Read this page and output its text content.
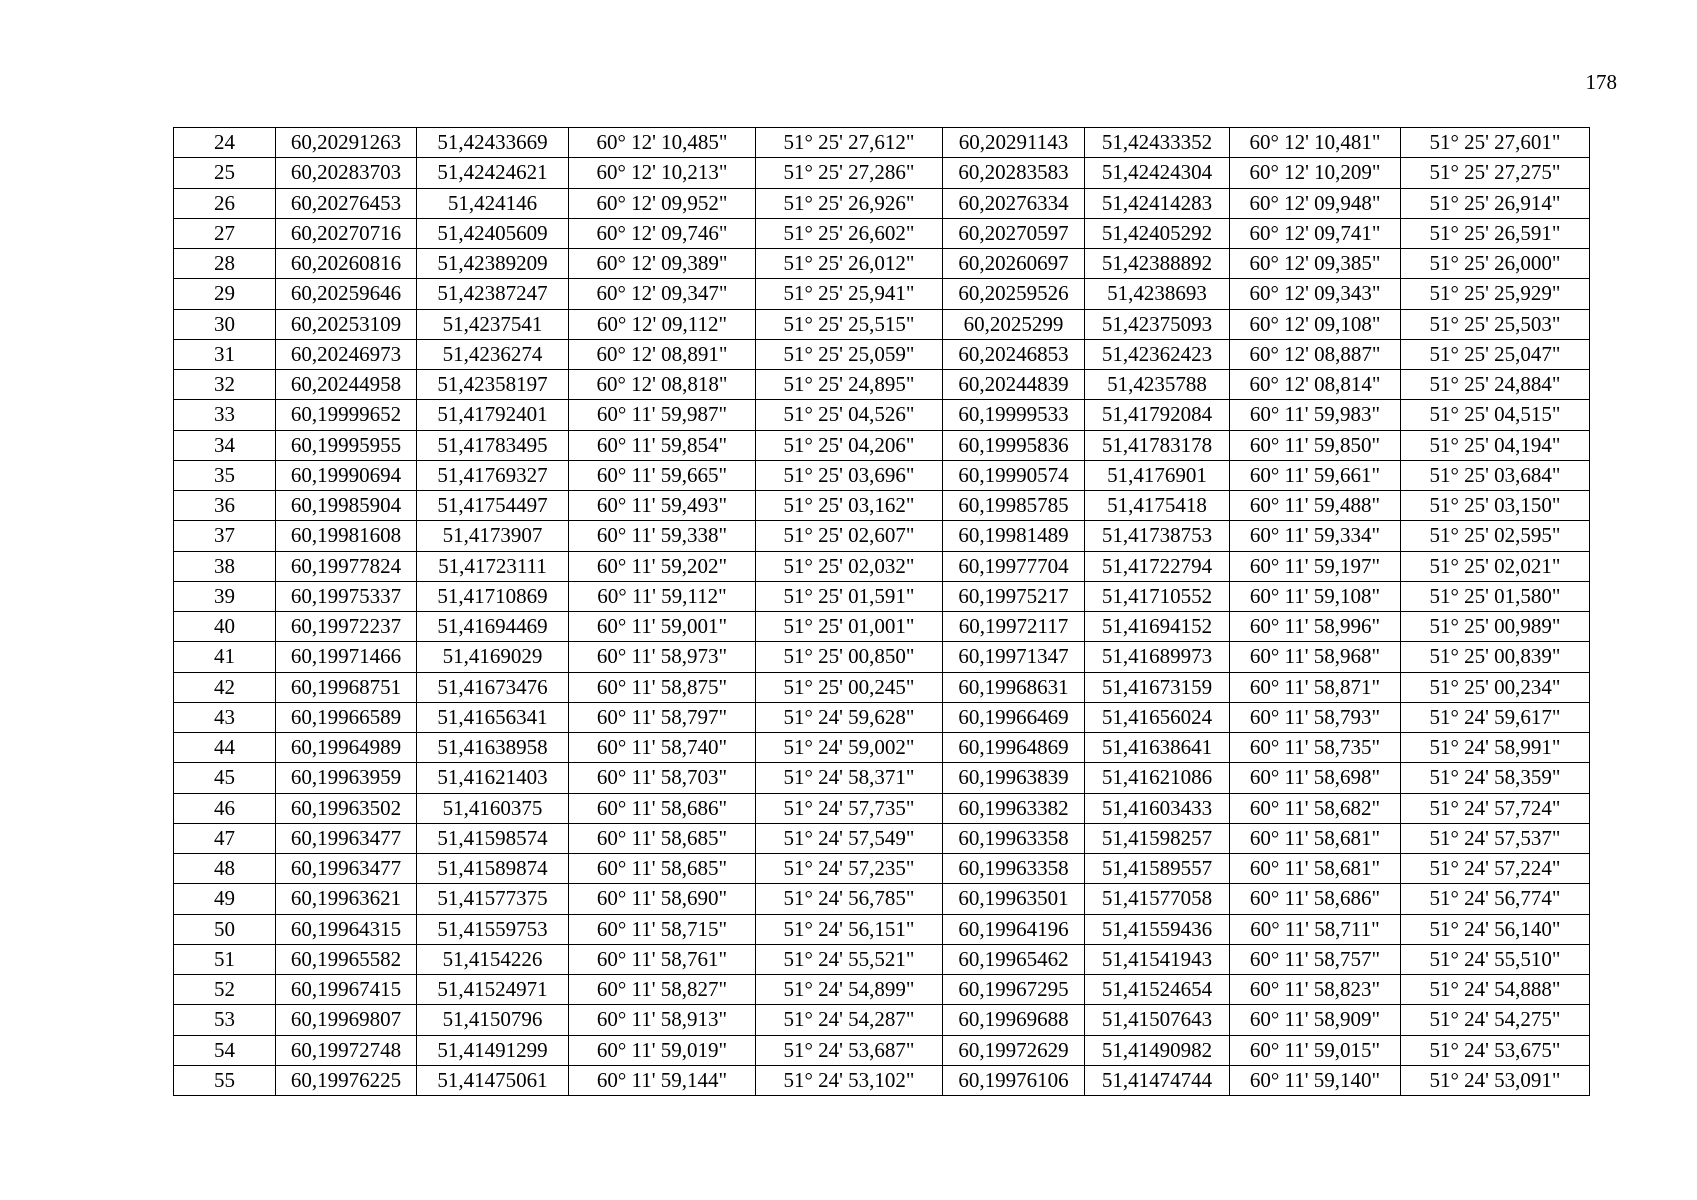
178
24	60,20291263	51,42433669	60° 12' 10,485"	51° 25' 27,612"	60,20291143	51,42433352	60° 12' 10,481"	51° 25' 27,601"
25	60,20283703	51,42424621	60° 12' 10,213"	51° 25' 27,286"	60,20283583	51,42424304	60° 12' 10,209"	51° 25' 27,275"
26	60,20276453	51,424146	60° 12' 09,952"	51° 25' 26,926"	60,20276334	51,42414283	60° 12' 09,948"	51° 25' 26,914"
27	60,20270716	51,42405609	60° 12' 09,746"	51° 25' 26,602"	60,20270597	51,42405292	60° 12' 09,741"	51° 25' 26,591"
28	60,20260816	51,42389209	60° 12' 09,389"	51° 25' 26,012"	60,20260697	51,42388892	60° 12' 09,385"	51° 25' 26,000"
29	60,20259646	51,42387247	60° 12' 09,347"	51° 25' 25,941"	60,20259526	51,4238693	60° 12' 09,343"	51° 25' 25,929"
30	60,20253109	51,4237541	60° 12' 09,112"	51° 25' 25,515"	60,2025299	51,42375093	60° 12' 09,108"	51° 25' 25,503"
31	60,20246973	51,4236274	60° 12' 08,891"	51° 25' 25,059"	60,20246853	51,42362423	60° 12' 08,887"	51° 25' 25,047"
32	60,20244958	51,42358197	60° 12' 08,818"	51° 25' 24,895"	60,20244839	51,4235788	60° 12' 08,814"	51° 25' 24,884"
33	60,19999652	51,41792401	60° 11' 59,987"	51° 25' 04,526"	60,19999533	51,41792084	60° 11' 59,983"	51° 25' 04,515"
34	60,19995955	51,41783495	60° 11' 59,854"	51° 25' 04,206"	60,19995836	51,41783178	60° 11' 59,850"	51° 25' 04,194"
35	60,19990694	51,41769327	60° 11' 59,665"	51° 25' 03,696"	60,19990574	51,4176901	60° 11' 59,661"	51° 25' 03,684"
36	60,19985904	51,41754497	60° 11' 59,493"	51° 25' 03,162"	60,19985785	51,4175418	60° 11' 59,488"	51° 25' 03,150"
37	60,19981608	51,4173907	60° 11' 59,338"	51° 25' 02,607"	60,19981489	51,41738753	60° 11' 59,334"	51° 25' 02,595"
38	60,19977824	51,41723111	60° 11' 59,202"	51° 25' 02,032"	60,19977704	51,41722794	60° 11' 59,197"	51° 25' 02,021"
39	60,19975337	51,41710869	60° 11' 59,112"	51° 25' 01,591"	60,19975217	51,41710552	60° 11' 59,108"	51° 25' 01,580"
40	60,19972237	51,41694469	60° 11' 59,001"	51° 25' 01,001"	60,19972117	51,41694152	60° 11' 58,996"	51° 25' 00,989"
41	60,19971466	51,4169029	60° 11' 58,973"	51° 25' 00,850"	60,19971347	51,41689973	60° 11' 58,968"	51° 25' 00,839"
42	60,19968751	51,41673476	60° 11' 58,875"	51° 25' 00,245"	60,19968631	51,41673159	60° 11' 58,871"	51° 25' 00,234"
43	60,19966589	51,41656341	60° 11' 58,797"	51° 24' 59,628"	60,19966469	51,41656024	60° 11' 58,793"	51° 24' 59,617"
44	60,19964989	51,41638958	60° 11' 58,740"	51° 24' 59,002"	60,19964869	51,41638641	60° 11' 58,735"	51° 24' 58,991"
45	60,19963959	51,41621403	60° 11' 58,703"	51° 24' 58,371"	60,19963839	51,41621086	60° 11' 58,698"	51° 24' 58,359"
46	60,19963502	51,4160375	60° 11' 58,686"	51° 24' 57,735"	60,19963382	51,41603433	60° 11' 58,682"	51° 24' 57,724"
47	60,19963477	51,41598574	60° 11' 58,685"	51° 24' 57,549"	60,19963358	51,41598257	60° 11' 58,681"	51° 24' 57,537"
48	60,19963477	51,41589874	60° 11' 58,685"	51° 24' 57,235"	60,19963358	51,41589557	60° 11' 58,681"	51° 24' 57,224"
49	60,19963621	51,41577375	60° 11' 58,690"	51° 24' 56,785"	60,19963501	51,41577058	60° 11' 58,686"	51° 24' 56,774"
50	60,19964315	51,41559753	60° 11' 58,715"	51° 24' 56,151"	60,19964196	51,41559436	60° 11' 58,711"	51° 24' 56,140"
51	60,19965582	51,4154226	60° 11' 58,761"	51° 24' 55,521"	60,19965462	51,41541943	60° 11' 58,757"	51° 24' 55,510"
52	60,19967415	51,41524971	60° 11' 58,827"	51° 24' 54,899"	60,19967295	51,41524654	60° 11' 58,823"	51° 24' 54,888"
53	60,19969807	51,4150796	60° 11' 58,913"	51° 24' 54,287"	60,19969688	51,41507643	60° 11' 58,909"	51° 24' 54,275"
54	60,19972748	51,41491299	60° 11' 59,019"	51° 24' 53,687"	60,19972629	51,41490982	60° 11' 59,015"	51° 24' 53,675"
55	60,19976225	51,41475061	60° 11' 59,144"	51° 24' 53,102"	60,19976106	51,41474744	60° 11' 59,140"	51° 24' 53,091"
